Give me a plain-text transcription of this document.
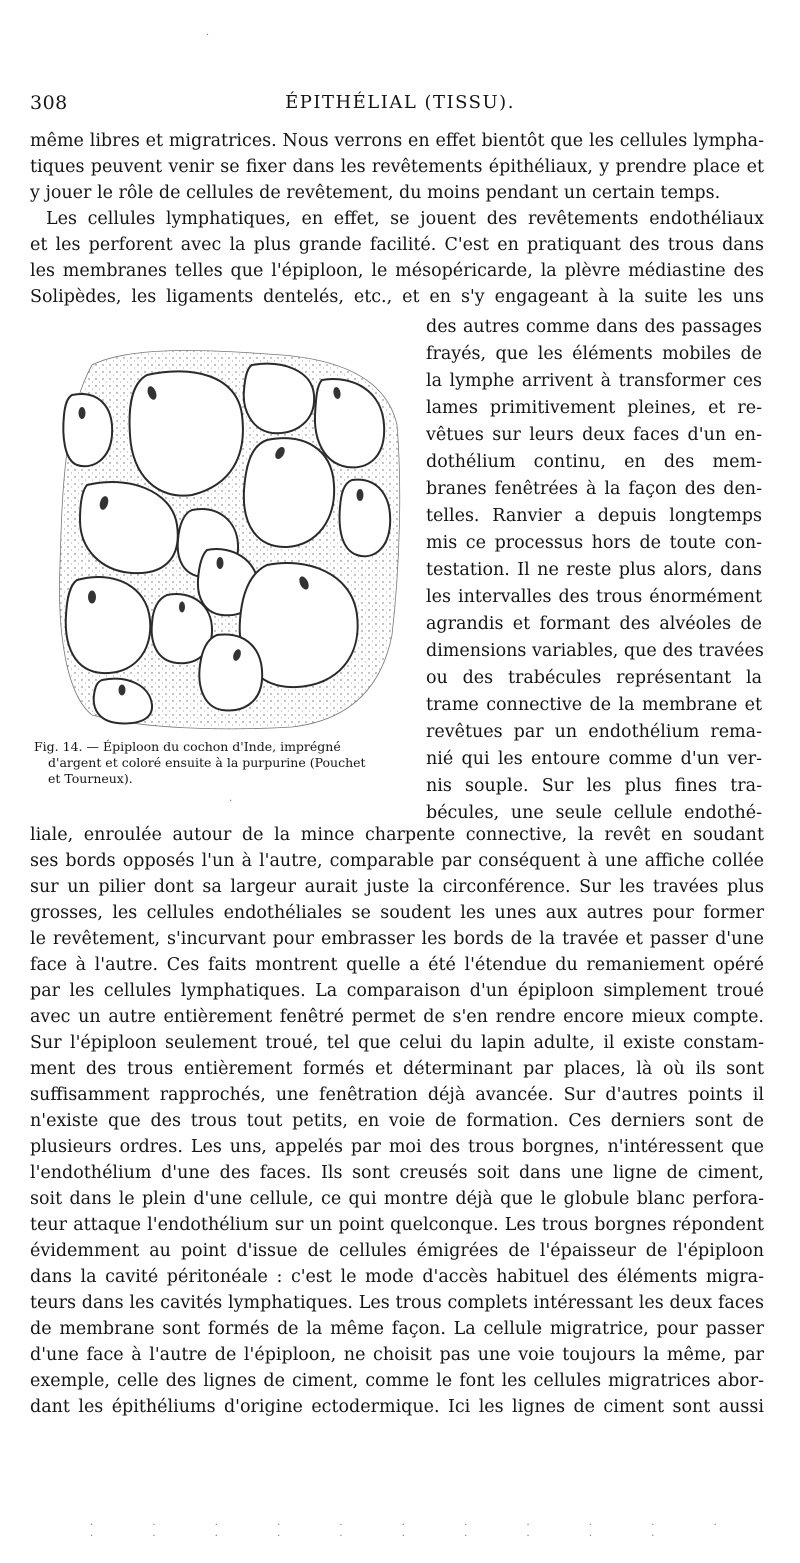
308	ÉPITHÉLIAL (TISSU).
même libres et migratrices. Nous verrons en effet bientôt que les cellules lympha-
tiques peuvent venir se fixer dans les revêtements épithéliaux, y prendre place et
y jouer le rôle de cellules de revêtement, du moins pendant un certain temps.
Les cellules lymphatiques, en effet, se jouent des revêtements endothéliaux
et les perforent avec la plus grande facilité. C'est en pratiquant des trous dans
les membranes telles que l'épiploon, le mésopéricarde, la plèvre médiastine des
Solipèdes, les ligaments dentelés, etc., et en s'y engageant à la suite les uns
des autres comme dans des passages
frayés, que les éléments mobiles de
la lymphe arrivent à transformer ces
lames primitivement pleines, et re-
vêtues sur leurs deux faces d'un en-
dothélium continu, en des mem-
branes fenêtrées à la façon des den-
telles. Ranvier a depuis longtemps
mis ce processus hors de toute con-
testation. Il ne reste plus alors, dans
les intervalles des trous énormément
agrandis et formant des alvéoles de
dimensions variables, que des travées
ou des trabécules représentant la
trame connective de la membrane et
revêtues par un endothélium rema-
nié qui les entoure comme d'un ver-
nis souple. Sur les plus fines tra-
bécules, une seule cellule endothé-
Fig. 14. — Épiploon du cochon d'Inde, imprégné
d'argent et coloré ensuite à la purpurine (Pouchet
et Tourneux).
liale, enroulée autour de la mince charpente connective, la revêt en soudant
ses bords opposés l'un à l'autre, comparable par conséquent à une affiche collée
sur un pilier dont sa largeur aurait juste la circonférence. Sur les travées plus
grosses, les cellules endothéliales se soudent les unes aux autres pour former
le revêtement, s'incurvant pour embrasser les bords de la travée et passer d'une
face à l'autre. Ces faits montrent quelle a été l'étendue du remaniement opéré
par les cellules lymphatiques. La comparaison d'un épiploon simplement troué
avec un autre entièrement fenêtré permet de s'en rendre encore mieux compte.
Sur l'épiploon seulement troué, tel que celui du lapin adulte, il existe constam-
ment des trous entièrement formés et déterminant par places, là où ils sont
suffisamment rapprochés, une fenêtration déjà avancée. Sur d'autres points il
n'existe que des trous tout petits, en voie de formation. Ces derniers sont de
plusieurs ordres. Les uns, appelés par moi des trous borgnes, n'intéressent que
l'endothélium d'une des faces. Ils sont creusés soit dans une ligne de ciment,
soit dans le plein d'une cellule, ce qui montre déjà que le globule blanc perfora-
teur attaque l'endothélium sur un point quelconque. Les trous borgnes répondent
évidemment au point d'issue de cellules émigrées de l'épaisseur de l'épiploon
dans la cavité péritonéale : c'est le mode d'accès habituel des éléments migra-
teurs dans les cavités lymphatiques. Les trous complets intéressant les deux faces
de membrane sont formés de la même façon. La cellule migratrice, pour passer
d'une face à l'autre de l'épiploon, ne choisit pas une voie toujours la même, par
exemple, celle des lignes de ciment, comme le font les cellules migratrices abor-
dant les épithéliums d'origine ectodermique. Ici les lignes de ciment sont aussi
·
·
· · · · · · · · · · · · · · · · · · · · ·
